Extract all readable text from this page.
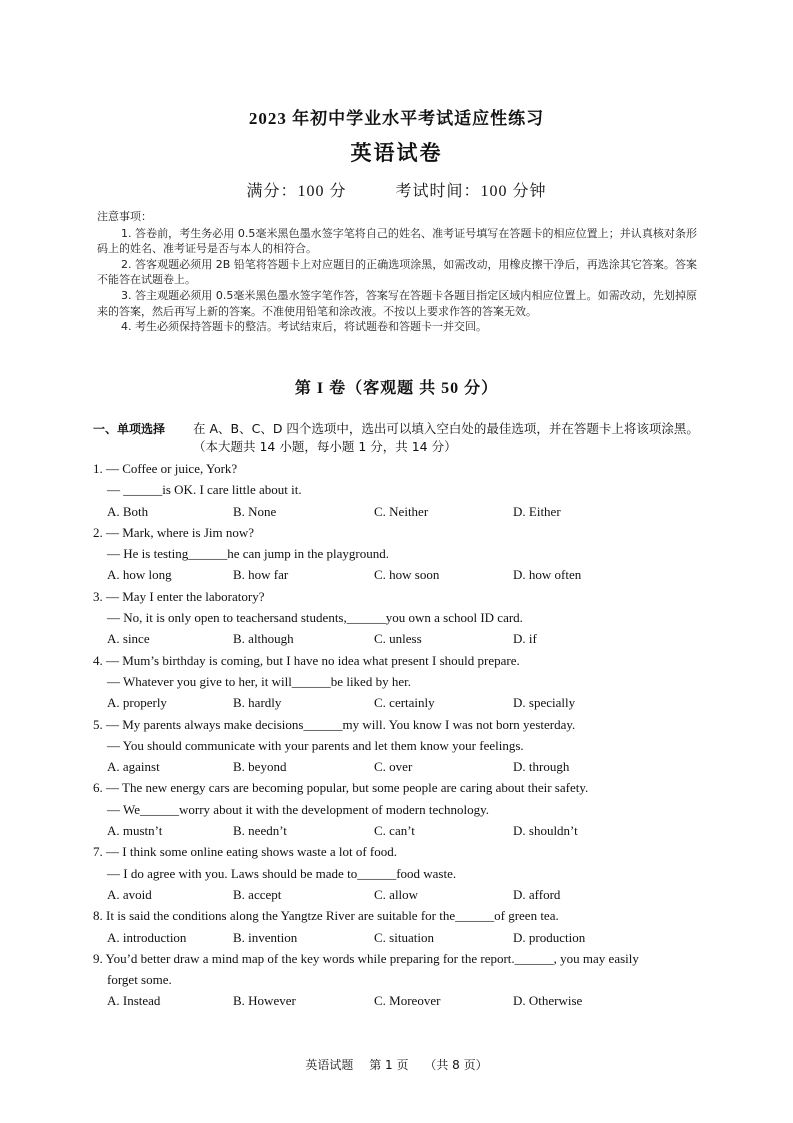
2023 年初中学业水平考试适应性练习
英语试卷
满分：100 分	考试时间：100 分钟
注意事项：

1. 答卷前，考生务必用 0.5毫米黑色墨水签字笔将自己的姓名、准考证号填写在答题卡的相应位置上；并认真核对条形码上的姓名、准考证号是否与本人的相符合。

2. 答客观题必须用 2B 铅笔将答题卡上对应题目的正确选项涂黑，如需改动，用橡皮擦干净后，再选涂其它答案。答案不能答在试题卷上。

3. 答主观题必须用 0.5毫米黑色墨水签字笔作答，答案写在答题卡各题目指定区域内相应位置上。如需改动，先划掉原来的答案，然后再写上新的答案。不准使用铅笔和涂改液。不按以上要求作答的答案无效。

4. 考生必须保持答题卡的整洁。考试结束后，将试题卷和答题卡一并交回。

第 I 卷（客观题 共 50 分）
一、单项选择 在 A、B、C、D 四个选项中，选出可以填入空白处的最佳选项，并在答题卡上将该项涂黑。（本大题共 14 小题，每小题 1 分，共 14 分）
1. — Coffee or juice, York?
— ______is OK. I care little about it.
A. Both	B. None	C. Neither	D. Either
2. — Mark, where is Jim now?
— He is testing______he can jump in the playground.
A. how long	B. how far	C. how soon	D. how often
3. — May I enter the laboratory?
— No, it is only open to teachersand students,______you own a school ID card.
A. since	B. although	C. unless	D. if
4. — Mum’s birthday is coming, but I have no idea what present I should prepare.
— Whatever you give to her, it will______be liked by her.
A. properly	B. hardly	C. certainly	D. specially
5. — My parents always make decisions______my will. You know I was not born yesterday.
— You should communicate with your parents and let them know your feelings.
A. against	B. beyond	C. over	D. through
6. — The new energy cars are becoming popular, but some people are caring about their safety.
— We______worry about it with the development of modern technology.
A. mustn’t	B. needn’t	C. can’t	D. shouldn’t
7. — I think some online eating shows waste a lot of food.
— I do agree with you. Laws should be made to______food waste.
A. avoid	B. accept	C. allow	D. afford
8. It is said the conditions along the Yangtze River are suitable for the______of green tea.
A. introduction	B. invention	C. situation	D. production
9. You’d better draw a mind map of the key words while preparing for the report.______, you may easily
forget some.
A. Instead	B. However	C. Moreover	D. Otherwise
英语试题 第 1 页 （共 8 页）
